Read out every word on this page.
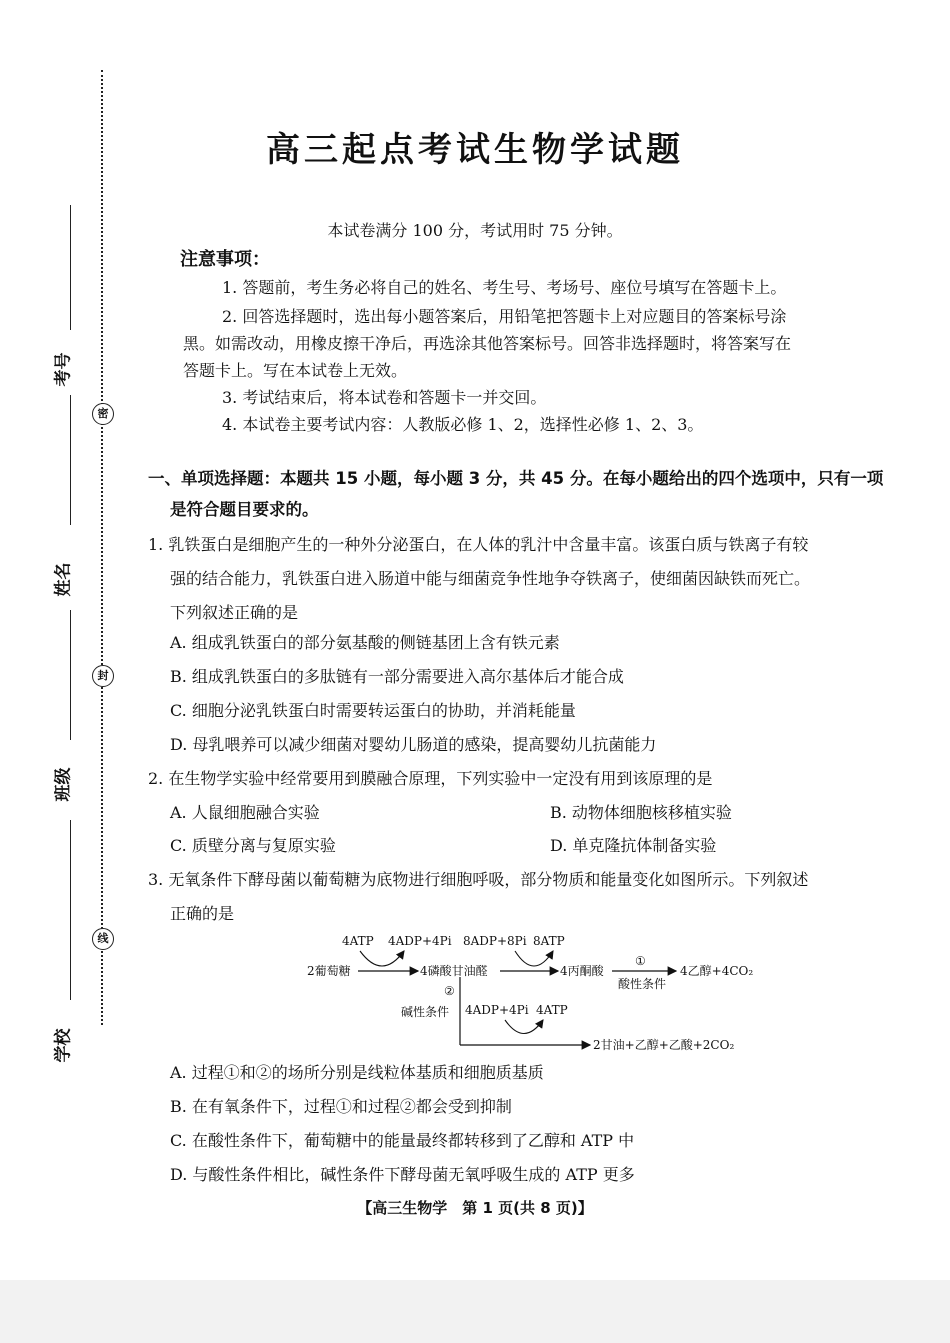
密
封
线
考号
姓名
班级
学校
高三起点考试生物学试题
本试卷满分 100 分，考试用时 75 分钟。
注意事项：
1. 答题前，考生务必将自己的姓名、考生号、考场号、座位号填写在答题卡上。
2. 回答选择题时，选出每小题答案后，用铅笔把答题卡上对应题目的答案标号涂
黑。如需改动，用橡皮擦干净后，再选涂其他答案标号。回答非选择题时，将答案写在
答题卡上。写在本试卷上无效。
3. 考试结束后，将本试卷和答题卡一并交回。
4. 本试卷主要考试内容：人教版必修 1、2，选择性必修 1、2、3。
一、单项选择题：本题共 15 小题，每小题 3 分，共 45 分。在每小题给出的四个选项中，只有一项
是符合题目要求的。
1. 乳铁蛋白是细胞产生的一种外分泌蛋白，在人体的乳汁中含量丰富。该蛋白质与铁离子有较
强的结合能力，乳铁蛋白进入肠道中能与细菌竞争性地争夺铁离子，使细菌因缺铁而死亡。
下列叙述正确的是
A. 组成乳铁蛋白的部分氨基酸的侧链基团上含有铁元素
B. 组成乳铁蛋白的多肽链有一部分需要进入高尔基体后才能合成
C. 细胞分泌乳铁蛋白时需要转运蛋白的协助，并消耗能量
D. 母乳喂养可以减少细菌对婴幼儿肠道的感染，提高婴幼儿抗菌能力
2. 在生物学实验中经常要用到膜融合原理，下列实验中一定没有用到该原理的是
A. 人鼠细胞融合实验	B. 动物体细胞核移植实验
C. 质壁分离与复原实验	D. 单克隆抗体制备实验
3. 无氧条件下酵母菌以葡萄糖为底物进行细胞呼吸，部分物质和能量变化如图所示。下列叙述
正确的是
4ATP 4ADP+4Pi 8ADP+8Pi 8ATP
①
2葡萄糖	4磷酸甘油醛	4丙酮酸
酸性条件
4乙醇+4CO₂
②
碱性条件 4ADP+4Pi 4ATP
2甘油+乙醇+乙酸+2CO₂
A. 过程①和②的场所分别是线粒体基质和细胞质基质
B. 在有氧条件下，过程①和过程②都会受到抑制
C. 在酸性条件下，葡萄糖中的能量最终都转移到了乙醇和 ATP 中
D. 与酸性条件相比，碱性条件下酵母菌无氧呼吸生成的 ATP 更多
【高三生物学　第 1 页(共 8 页)】
